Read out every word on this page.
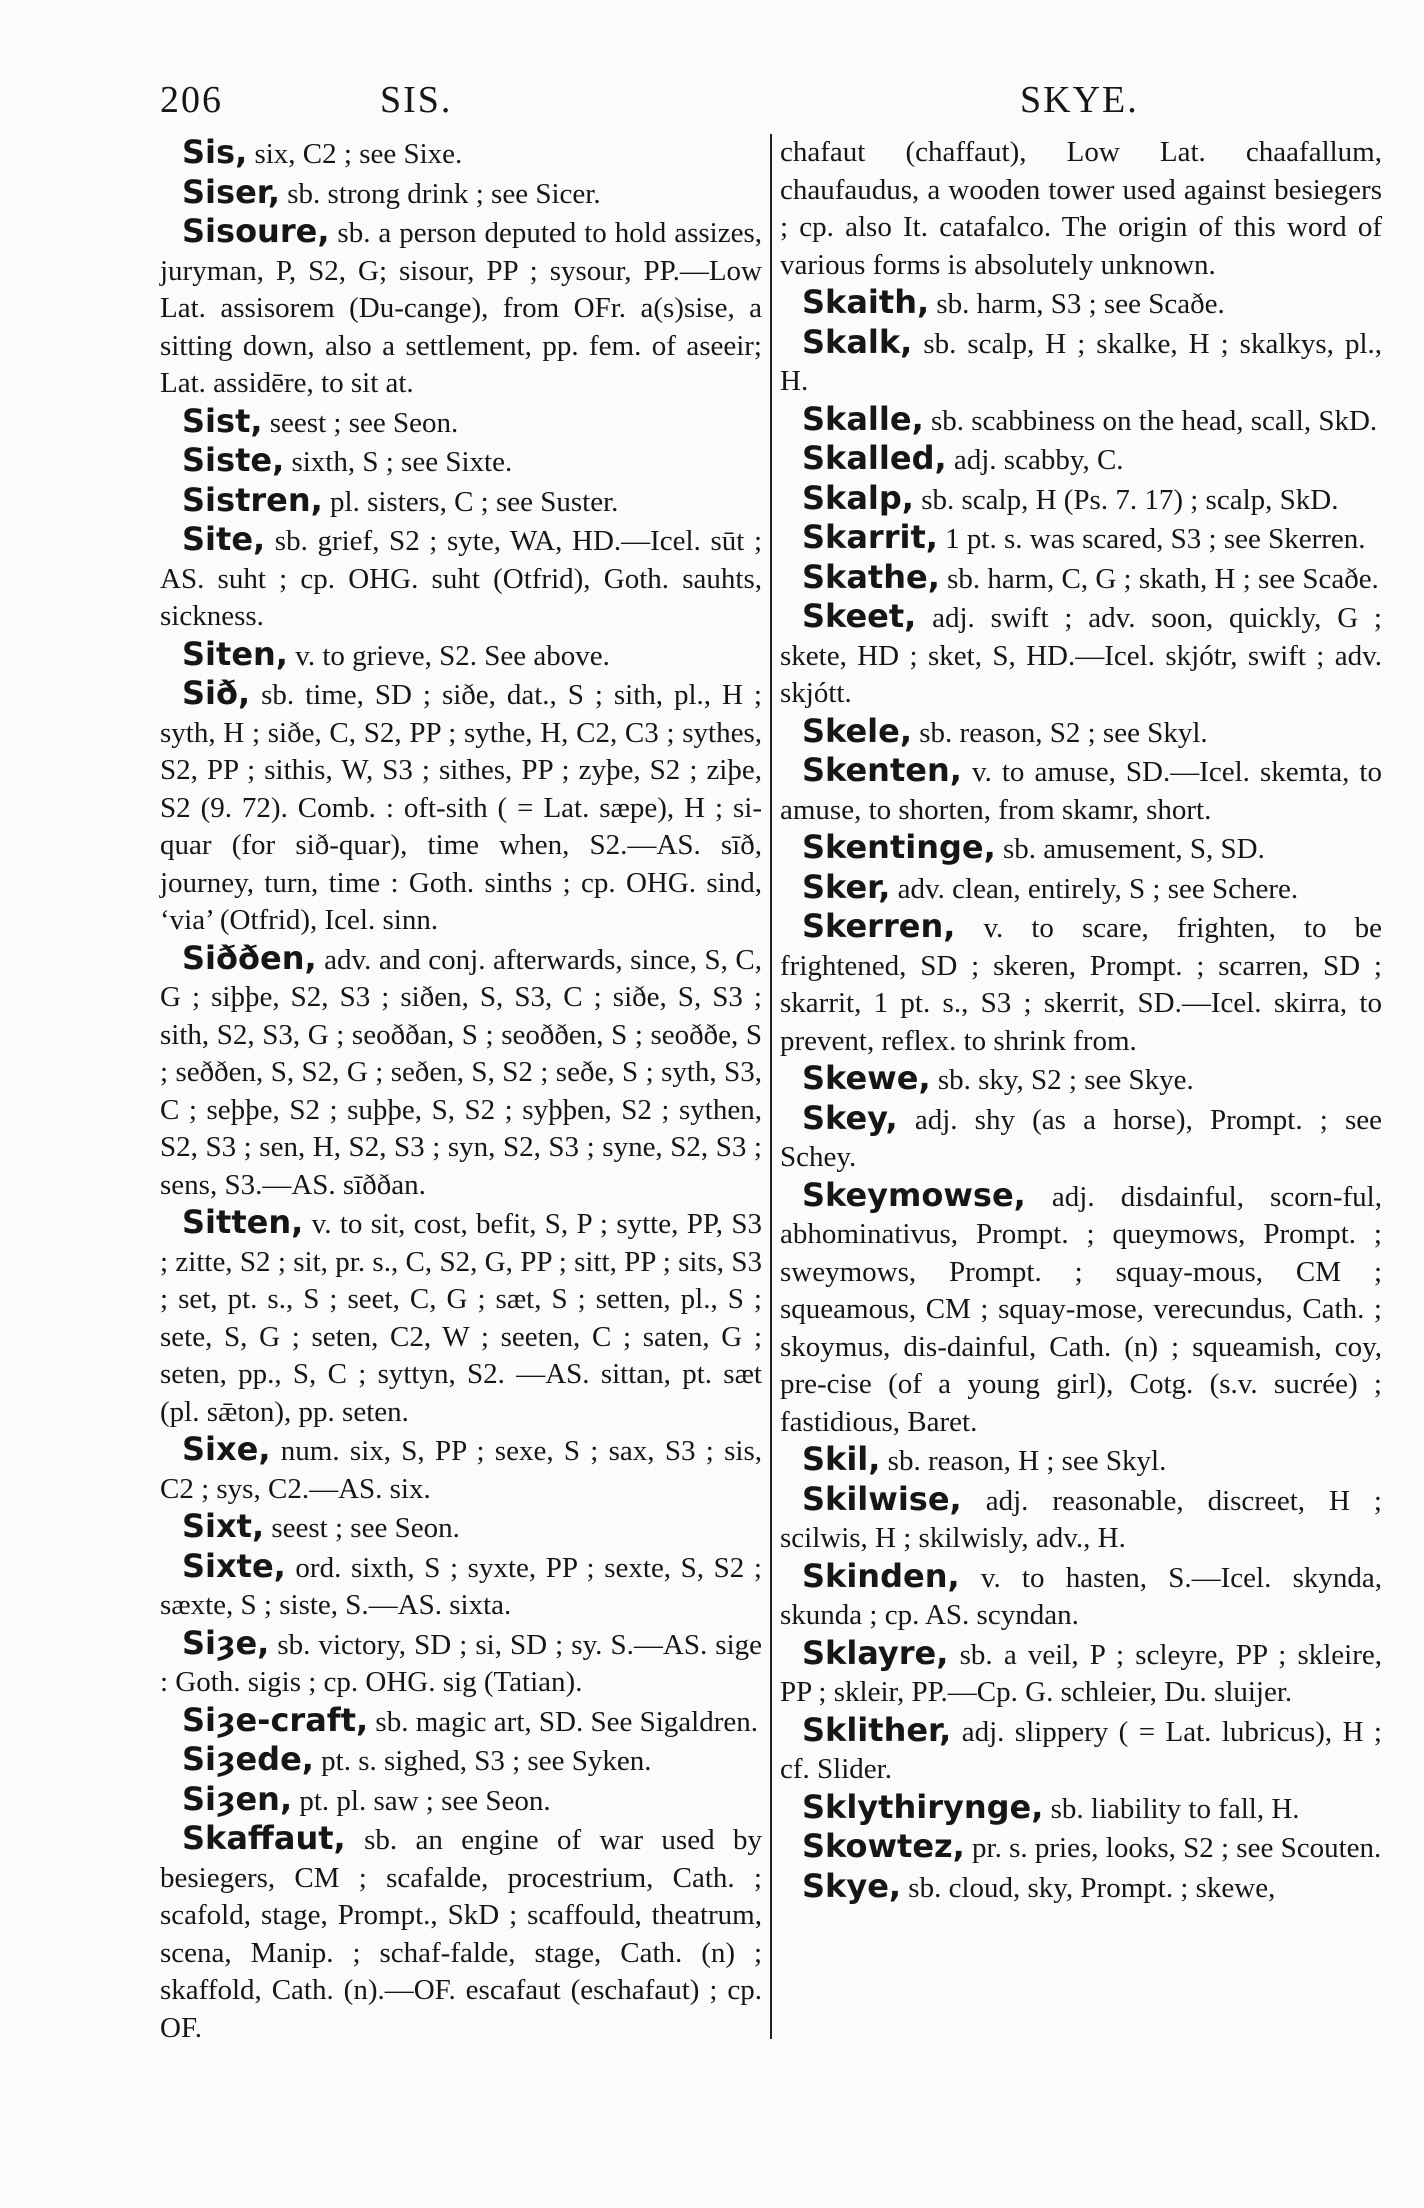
206	SIS.	SKYE.

Sis, six, C2 ; see Sixe.

Siser, sb. strong drink ; see Sicer.

Sisoure, sb. a person deputed to hold assizes, juryman, P, S2, G; sisour, PP ; sysour, PP.—Low Lat. assisorem (Du-cange), from OFr. a(s)sise, a sitting down, also a settlement, pp. fem. of aseeir; Lat. assidēre, to sit at.

Sist, seest ; see Seon.

Siste, sixth, S ; see Sixte.

Sistren, pl. sisters, C ; see Suster.

Site, sb. grief, S2 ; syte, WA, HD.—Icel. sūt ; AS. suht ; cp. OHG. suht (Otfrid), Goth. sauhts, sickness.

Siten, v. to grieve, S2. See above.

Sið, sb. time, SD ; siðe, dat., S ; sith, pl., H ; syth, H ; siðe, C, S2, PP ; sythe, H, C2, C3 ; sythes, S2, PP ; sithis, W, S3 ; sithes, PP ; zyþe, S2 ; ziþe, S2 (9. 72). Comb. : oft-sith ( = Lat. sæpe), H ; si-quar (for sið-quar), time when, S2.—AS. sīð, journey, turn, time : Goth. sinths ; cp. OHG. sind, ‘via’ (Otfrid), Icel. sinn.

Siððen, adv. and conj. afterwards, since, S, C, G ; siþþe, S2, S3 ; siðen, S, S3, C ; siðe, S, S3 ; sith, S2, S3, G ; seoððan, S ; seoððen, S ; seoððe, S ; seððen, S, S2, G ; seðen, S, S2 ; seðe, S ; syth, S3, C ; seþþe, S2 ; suþþe, S, S2 ; syþþen, S2 ; sythen, S2, S3 ; sen, H, S2, S3 ; syn, S2, S3 ; syne, S2, S3 ; sens, S3.—AS. sīððan.

Sitten, v. to sit, cost, befit, S, P ; sytte, PP, S3 ; zitte, S2 ; sit, pr. s., C, S2, G, PP ; sitt, PP ; sits, S3 ; set, pt. s., S ; seet, C, G ; sæt, S ; setten, pl., S ; sete, S, G ; seten, C2, W ; seeten, C ; saten, G ; seten, pp., S, C ; syttyn, S2. —AS. sittan, pt. sæt (pl. sǣton), pp. seten.

Sixe, num. six, S, PP ; sexe, S ; sax, S3 ; sis, C2 ; sys, C2.—AS. six.

Sixt, seest ; see Seon.

Sixte, ord. sixth, S ; syxte, PP ; sexte, S, S2 ; sæxte, S ; siste, S.—AS. sixta.

Siȝe, sb. victory, SD ; si, SD ; sy. S.—AS. sige : Goth. sigis ; cp. OHG. sig (Tatian).

Siȝe-craft, sb. magic art, SD. See Sigaldren.

Siȝede, pt. s. sighed, S3 ; see Syken.

Siȝen, pt. pl. saw ; see Seon.

Skaffaut, sb. an engine of war used by besiegers, CM ; scafalde, procestrium, Cath. ; scafold, stage, Prompt., SkD ; scaffould, theatrum, scena, Manip. ; schaf-falde, stage, Cath. (n) ; skaffold, Cath. (n).—OF. escafaut (eschafaut) ; cp. OF.

chafaut (chaffaut), Low Lat. chaafallum, chaufaudus, a wooden tower used against besiegers ; cp. also It. catafalco. The origin of this word of various forms is absolutely unknown.

Skaith, sb. harm, S3 ; see Scaðe.

Skalk, sb. scalp, H ; skalke, H ; skalkys, pl., H.

Skalle, sb. scabbiness on the head, scall, SkD.

Skalled, adj. scabby, C.

Skalp, sb. scalp, H (Ps. 7. 17) ; scalp, SkD.

Skarrit, 1 pt. s. was scared, S3 ; see Skerren.

Skathe, sb. harm, C, G ; skath, H ; see Scaðe.

Skeet, adj. swift ; adv. soon, quickly, G ; skete, HD ; sket, S, HD.—Icel. skjótr, swift ; adv. skjótt.

Skele, sb. reason, S2 ; see Skyl.

Skenten, v. to amuse, SD.—Icel. skemta, to amuse, to shorten, from skamr, short.

Skentinge, sb. amusement, S, SD.

Sker, adv. clean, entirely, S ; see Schere.

Skerren, v. to scare, frighten, to be frightened, SD ; skeren, Prompt. ; scarren, SD ; skarrit, 1 pt. s., S3 ; skerrit, SD.—Icel. skirra, to prevent, reflex. to shrink from.

Skewe, sb. sky, S2 ; see Skye.

Skey, adj. shy (as a horse), Prompt. ; see Schey.

Skeymowse, adj. disdainful, scorn-ful, abhominativus, Prompt. ; queymows, Prompt. ; sweymows, Prompt. ; squay-mous, CM ; squeamous, CM ; squay-mose, verecundus, Cath. ; skoymus, dis-dainful, Cath. (n) ; squeamish, coy, pre-cise (of a young girl), Cotg. (s.v. sucrée) ; fastidious, Baret.

Skil, sb. reason, H ; see Skyl.

Skilwise, adj. reasonable, discreet, H ; scilwis, H ; skilwisly, adv., H.

Skinden, v. to hasten, S.—Icel. skynda, skunda ; cp. AS. scyndan.

Sklayre, sb. a veil, P ; scleyre, PP ; skleire, PP ; skleir, PP.—Cp. G. schleier, Du. sluijer.

Sklither, adj. slippery ( = Lat. lubricus), H ; cf. Slider.

Sklythiryngе, sb. liability to fall, H.

Skowtez, pr. s. pries, looks, S2 ; see Scouten.

Skye, sb. cloud, sky, Prompt. ; skewe,
